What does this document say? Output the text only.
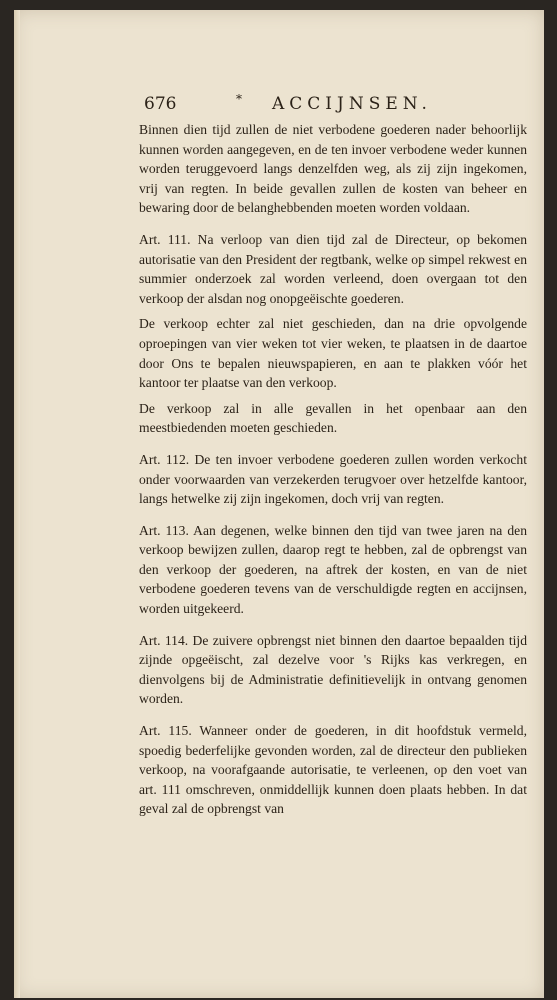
676	* ACCIJNSEN.

Binnen dien tijd zullen de niet verbodene goederen nader behoorlijk kunnen worden aangegeven, en de ten invoer verbodene weder kunnen worden teruggevoerd langs denzelfden weg, als zij zijn ingekomen, vrij van regten. In beide gevallen zullen de kosten van beheer en bewaring door de belanghebbenden moeten worden voldaan.

Art. 111. Na verloop van dien tijd zal de Directeur, op bekomen autorisatie van den President der regtbank, welke op simpel rekwest en summier onderzoek zal worden verleend, doen overgaan tot den verkoop der alsdan nog onopgeëischte goederen.

De verkoop echter zal niet geschieden, dan na drie opvolgende oproepingen van vier weken tot vier weken, te plaatsen in de daartoe door Ons te bepalen nieuwspapieren, en aan te plakken vóór het kantoor ter plaatse van den verkoop.

De verkoop zal in alle gevallen in het openbaar aan den meestbiedenden moeten geschieden.

Art. 112. De ten invoer verbodene goederen zullen worden verkocht onder voorwaarden van verzekerden terugvoer over hetzelfde kantoor, langs hetwelke zij zijn ingekomen, doch vrij van regten.

Art. 113. Aan degenen, welke binnen den tijd van twee jaren na den verkoop bewijzen zullen, daarop regt te hebben, zal de opbrengst van den verkoop der goederen, na aftrek der kosten, en van de niet verbodene goederen tevens van de verschuldigde regten en accijnsen, worden uitgekeerd.

Art. 114. De zuivere opbrengst niet binnen den daartoe bepaalden tijd zijnde opgeëischt, zal dezelve voor 's Rijks kas verkregen, en dienvolgens bij de Administratie definitievelijk in ontvang genomen worden.

Art. 115. Wanneer onder de goederen, in dit hoofdstuk vermeld, spoedig bederfelijke gevonden worden, zal de directeur den publieken verkoop, na voorafgaande autorisatie, te verleenen, op den voet van art. 111 omschreven, onmiddellijk kunnen doen plaats hebben. In dat geval zal de opbrengst van
